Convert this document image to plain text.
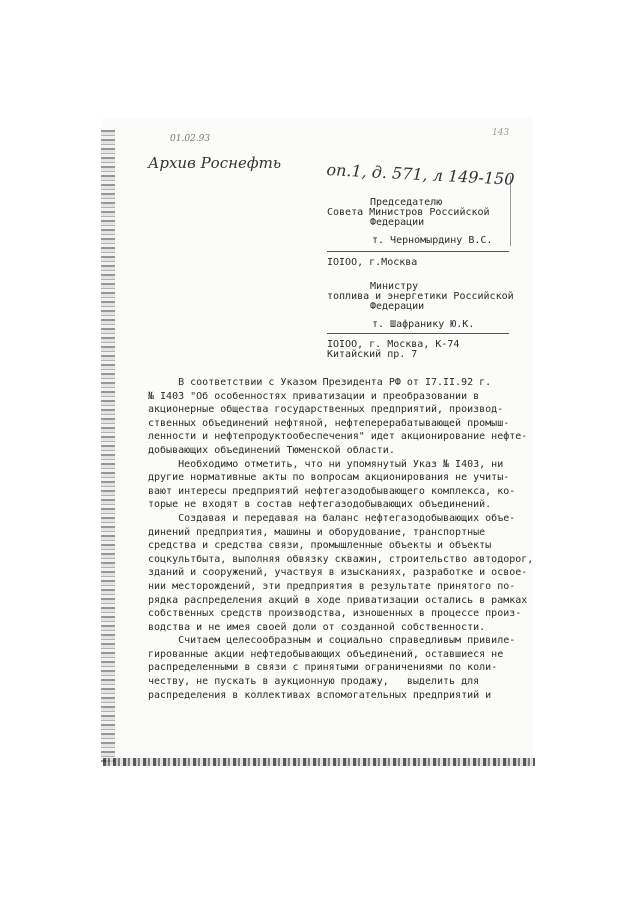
01.02.93
143
Архив Роснефть	оп.1, д. 571, л 149-150
Председателю
Совета Министров Российской
Федерации
т. Черномырдину В.С.
IOIOO, г.Москва
Министру
топлива и энергетики Российской
Федерации
т. Шафранику Ю.К.
IOIOO, г. Москва, К-74
Китайский пр. 7
В соответствии с Указом Президента РФ от I7.II.92 г.
№ I403 "Об особенностях приватизации и преобразовании в
акционерные общества государственных предприятий, производ-
ственных объединений нефтяной, нефтеперерабатывающей промыш-
ленности и нефтепродуктообеспечения" идет акционирование нефте-
добывающих объединений Тюменской области.
Необходимо отметить, что ни упомянутый Указ № I403, ни
другие нормативные акты по вопросам акционирования не учиты-
вают интересы предприятий нефтегазодобывающего комплекса, ко-
торые не входят в состав нефтегазодобывающих объединений.
Создавая и передавая на баланс нефтегазодобывающих объе-
динений предприятия, машины и оборудование, транспортные
средства и средства связи, промышленные объекты и объекты
соцкультбыта, выполняя обвязку скважин, строительство автодорог,
зданий и сооружений, участвуя в изысканиях, разработке и освое-
нии месторождений, эти предприятия в результате принятого по-
рядка распределения акций в ходе приватизации остались в рамках
собственных средств производства, изношенных в процессе произ-
водства и не имея своей доли от созданной собственности.
Считаем целесообразным и социально справедливым привиле-
гированные акции нефтедобывающих объединений, оставшиеся не
распределенными в связи с принятыми ограничениями по коли-
честву, не пускать в аукционную продажу,   выделить для
распределения в коллективах вспомогательных предприятий и
